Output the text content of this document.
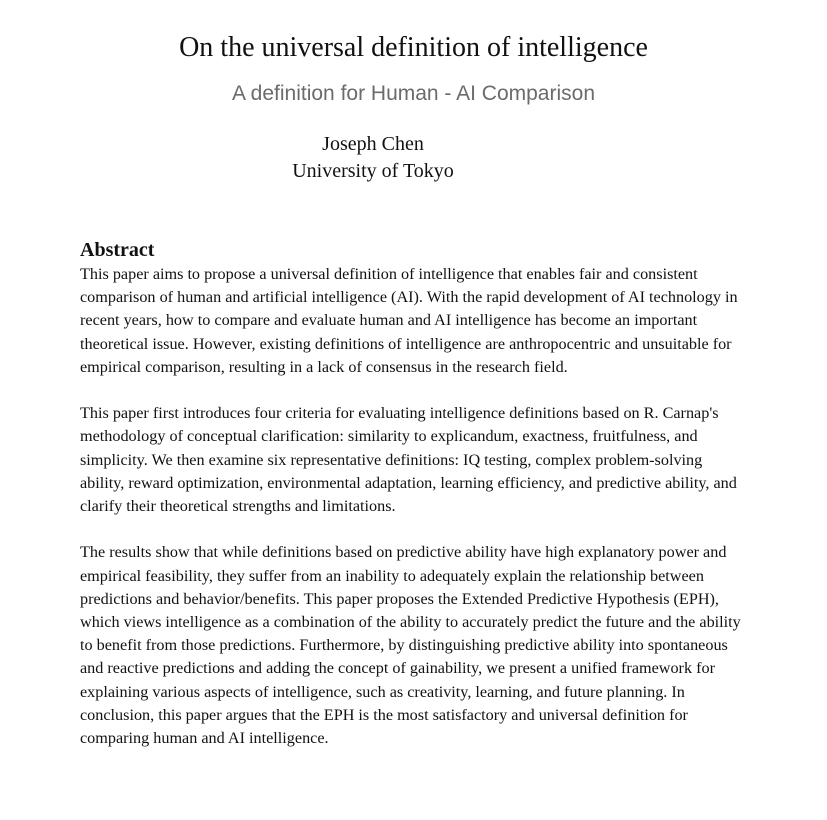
On the universal definition of intelligence
A definition for Human - AI Comparison
Joseph Chen
University of Tokyo
Abstract

This paper aims to propose a universal definition of intelligence that enables fair and consistent comparison of human and artificial intelligence (AI). With the rapid development of AI technology in recent years, how to compare and evaluate human and AI intelligence has become an important theoretical issue. However, existing definitions of intelligence are anthropocentric and unsuitable for empirical comparison, resulting in a lack of consensus in the research field.

This paper first introduces four criteria for evaluating intelligence definitions based on R. Carnap's methodology of conceptual clarification: similarity to explicandum, exactness, fruitfulness, and simplicity. We then examine six representative definitions: IQ testing, complex problem-solving ability, reward optimization, environmental adaptation, learning efficiency, and predictive ability, and clarify their theoretical strengths and limitations.

The results show that while definitions based on predictive ability have high explanatory power and empirical feasibility, they suffer from an inability to adequately explain the relationship between predictions and behavior/benefits. This paper proposes the Extended Predictive Hypothesis (EPH), which views intelligence as a combination of the ability to accurately predict the future and the ability to benefit from those predictions. Furthermore, by distinguishing predictive ability into spontaneous and reactive predictions and adding the concept of gainability, we present a unified framework for explaining various aspects of intelligence, such as creativity, learning, and future planning. In conclusion, this paper argues that the EPH is the most satisfactory and universal definition for comparing human and AI intelligence.
